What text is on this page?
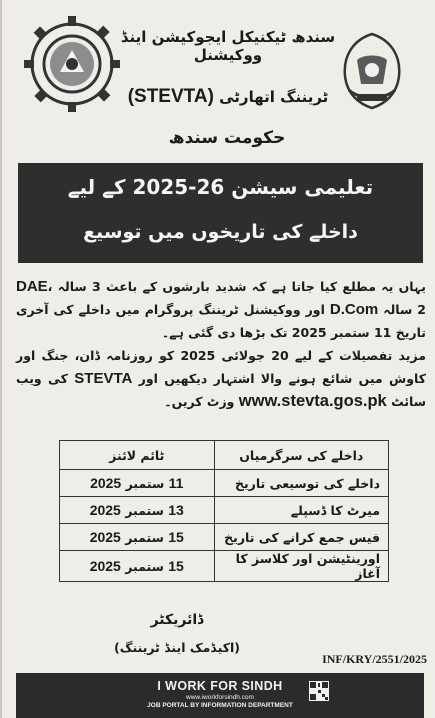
سندھ ٹیکنیکل ایجوکیشن اینڈ ووکیشنل
ٹریننگ اتھارٹی (STEVTA)
حکومت سندھ
تعلیمی سیشن 26-2025 کے لیے
داخلے کی تاریخوں میں توسیع

یہاں یہ مطلع کیا جاتا ہے کہ شدید بارشوں کے باعث 3 سالہ DAE، 2 سالہ D.Com اور ووکیشنل ٹریننگ پروگرام میں داخلے کی آخری تاریخ 11 ستمبر 2025 تک بڑھا دی گئی ہے۔

مزید تفصیلات کے لیے 20 جولائی 2025 کو روزنامہ ڈان، جنگ اور کاوش میں شائع ہونے والا اشتہار دیکھیں اور STEVTA کی ویب سائٹ www.stevta.gos.pk وزٹ کریں۔

داخلے کی سرگرمیاں	ٹائم لائنز
داخلے کی توسیعی تاریخ	11 ستمبر 2025
میرٹ کا ڈسپلے	13 ستمبر 2025
فیس جمع کرانے کی تاریخ	15 ستمبر 2025
اورینٹیشن اور کلاسز کا آغاز	15 ستمبر 2025
ڈائریکٹر
(اکیڈمک اینڈ ٹریننگ)
INF/KRY/2551/2025
I WORK FOR SINDH
www.iworkforsindh.com
JOB PORTAL BY INFORMATION DEPARTMENT
